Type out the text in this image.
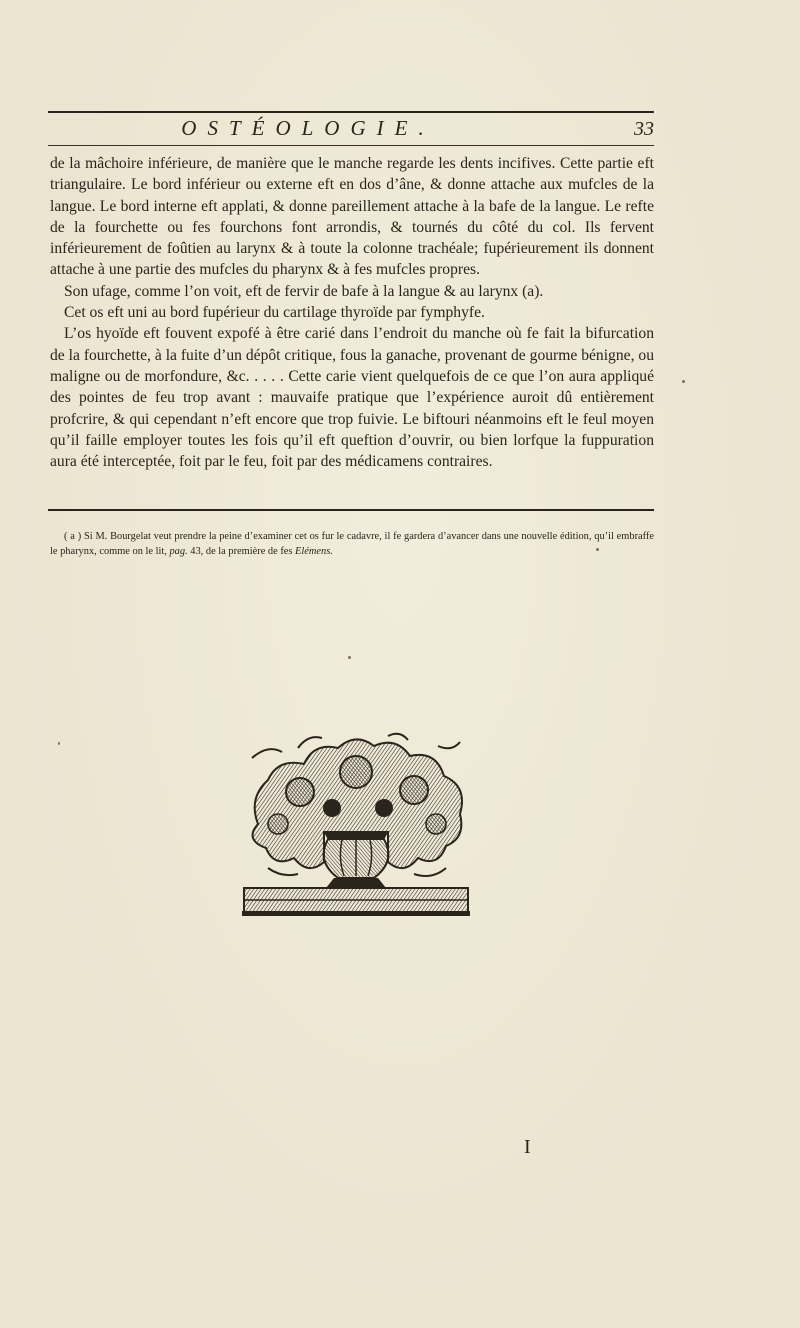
OSTÉOLOGIE.	33

de la mâchoire inférieure, de manière que le manche regarde les dents incifives. Cette partie eft triangulaire. Le bord inférieur ou externe eft en dos d’âne, & donne attache aux mufcles de la langue. Le bord interne eft applati, & donne pareillement attache à la bafe de la langue. Le refte de la fourchette ou fes fourchons font arrondis, & tournés du côté du col. Ils fervent inférieurement de foûtien au larynx & à toute la colonne trachéale; fupérieurement ils donnent attache à une partie des mufcles du pharynx & à fes mufcles propres.

Son ufage, comme l’on voit, eft de fervir de bafe à la langue & au larynx (a).

Cet os eft uni au bord fupérieur du cartilage thyroïde par fymphyfe.

L’os hyoïde eft fouvent expofé à être carié dans l’endroit du manche où fe fait la bifurcation de la fourchette, à la fuite d’un dépôt critique, fous la ganache, provenant de gourme bénigne, ou maligne ou de morfondure, &c. . . . . Cette carie vient quelquefois de ce que l’on aura appliqué des pointes de feu trop avant : mauvaife pratique que l’expérience auroit dû entièrement profcrire, & qui cependant n’eft encore que trop fuivie. Le biftouri néanmoins eft le feul moyen qu’il faille employer toutes les fois qu’il eft queftion d’ouvrir, ou bien lorfque la fuppuration aura été interceptée, foit par le feu, foit par des médicamens contraires.

( a ) Si M. Bourgelat veut prendre la peine d’examiner cet os fur le cadavre, il fe gardera d’avancer dans une nouvelle édition, qu’il embraffe le pharynx, comme on le lit, pag. 43, de la première de fes Elémens.
I
